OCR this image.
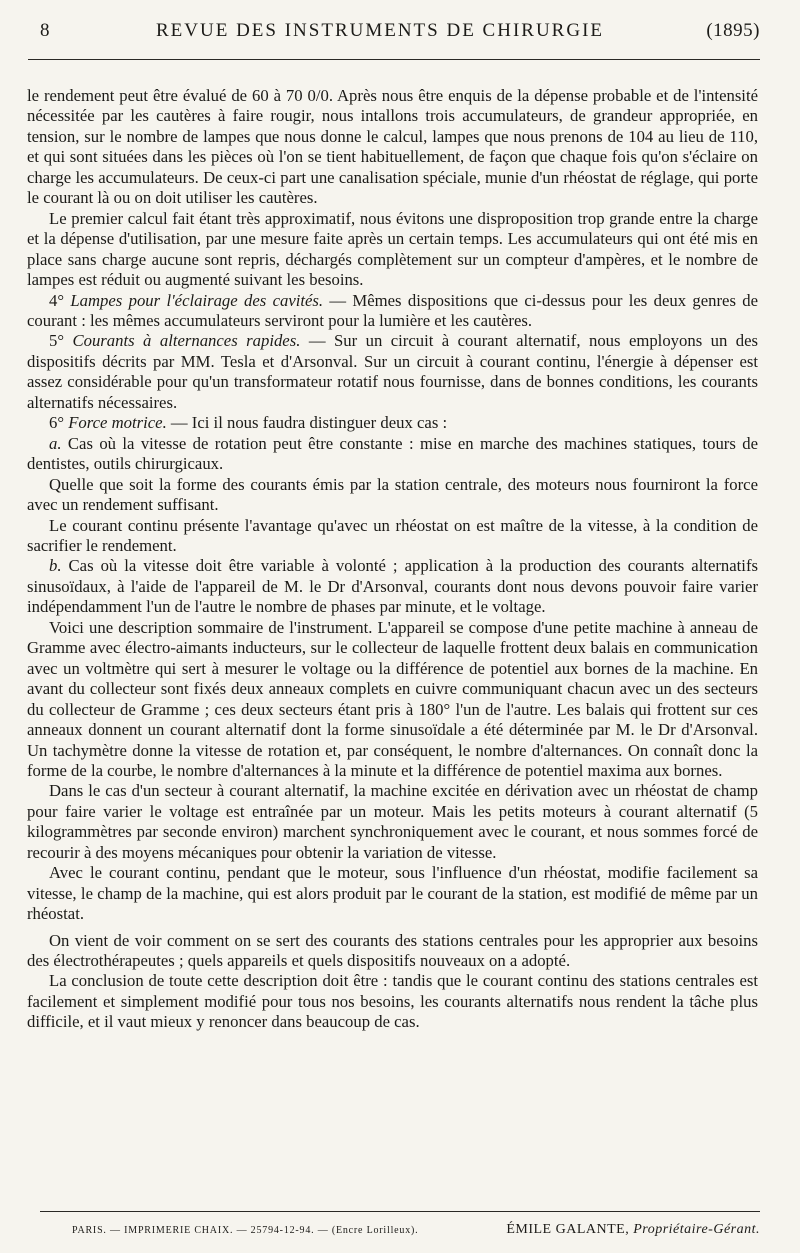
8	REVUE DES INSTRUMENTS DE CHIRURGIE	(1895)

le rendement peut être évalué de 60 à 70 0/0. Après nous être enquis de la dépense probable et de l'intensité nécessitée par les cautères à faire rougir, nous intallons trois accumulateurs, de grandeur appropriée, en tension, sur le nombre de lampes que nous donne le calcul, lampes que nous prenons de 104 au lieu de 110, et qui sont situées dans les pièces où l'on se tient habituellement, de façon que chaque fois qu'on s'éclaire on charge les accumulateurs. De ceux-ci part une canalisation spéciale, munie d'un rhéostat de réglage, qui porte le courant là ou on doit utiliser les cautères.

Le premier calcul fait étant très approximatif, nous évitons une disproposition trop grande entre la charge et la dépense d'utilisation, par une mesure faite après un certain temps. Les accumulateurs qui ont été mis en place sans charge aucune sont repris, déchargés complètement sur un compteur d'ampères, et le nombre de lampes est réduit ou augmenté suivant les besoins.

4° Lampes pour l'éclairage des cavités. — Mêmes dispositions que ci-dessus pour les deux genres de courant : les mêmes accumulateurs serviront pour la lumière et les cautères.

5° Courants à alternances rapides. — Sur un circuit à courant alternatif, nous employons un des dispositifs décrits par MM. Tesla et d'Arsonval. Sur un circuit à courant continu, l'énergie à dépenser est assez considérable pour qu'un transformateur rotatif nous fournisse, dans de bonnes conditions, les courants alternatifs nécessaires.

6° Force motrice. — Ici il nous faudra distinguer deux cas :

a. Cas où la vitesse de rotation peut être constante : mise en marche des machines statiques, tours de dentistes, outils chirurgicaux.

Quelle que soit la forme des courants émis par la station centrale, des moteurs nous fourniront la force avec un rendement suffisant.

Le courant continu présente l'avantage qu'avec un rhéostat on est maître de la vitesse, à la condition de sacrifier le rendement.

b. Cas où la vitesse doit être variable à volonté ; application à la production des courants alternatifs sinusoïdaux, à l'aide de l'appareil de M. le Dr d'Arsonval, courants dont nous devons pouvoir faire varier indépendamment l'un de l'autre le nombre de phases par minute, et le voltage.

Voici une description sommaire de l'instrument. L'appareil se compose d'une petite machine à anneau de Gramme avec électro-aimants inducteurs, sur le collecteur de laquelle frottent deux balais en communication avec un voltmètre qui sert à mesurer le voltage ou la différence de potentiel aux bornes de la machine. En avant du collecteur sont fixés deux anneaux complets en cuivre communiquant chacun avec un des secteurs du collecteur de Gramme ; ces deux secteurs étant pris à 180° l'un de l'autre. Les balais qui frottent sur ces anneaux donnent un courant alternatif dont la forme sinusoïdale a été déterminée par M. le Dr d'Arsonval. Un tachymètre donne la vitesse de rotation et, par conséquent, le nombre d'alternances. On connaît donc la forme de la courbe, le nombre d'alternances à la minute et la différence de potentiel maxima aux bornes.

Dans le cas d'un secteur à courant alternatif, la machine excitée en dérivation avec un rhéostat de champ pour faire varier le voltage est entraînée par un moteur. Mais les petits moteurs à courant alternatif (5 kilogrammètres par seconde environ) marchent synchroniquement avec le courant, et nous sommes forcé de recourir à des moyens mécaniques pour obtenir la variation de vitesse.

Avec le courant continu, pendant que le moteur, sous l'influence d'un rhéostat, modifie facilement sa vitesse, le champ de la machine, qui est alors produit par le courant de la station, est modifié de même par un rhéostat.

On vient de voir comment on se sert des courants des stations centrales pour les approprier aux besoins des électrothérapeutes ; quels appareils et quels dispositifs nouveaux on a adopté.

La conclusion de toute cette description doit être : tandis que le courant continu des stations centrales est facilement et simplement modifié pour tous nos besoins, les courants alternatifs nous rendent la tâche plus difficile, et il vaut mieux y renoncer dans beaucoup de cas.

PARIS. — IMPRIMERIE CHAIX. — 25794-12-94. — (Encre Lorilleux).	ÉMILE GALANTE, Propriétaire-Gérant.
